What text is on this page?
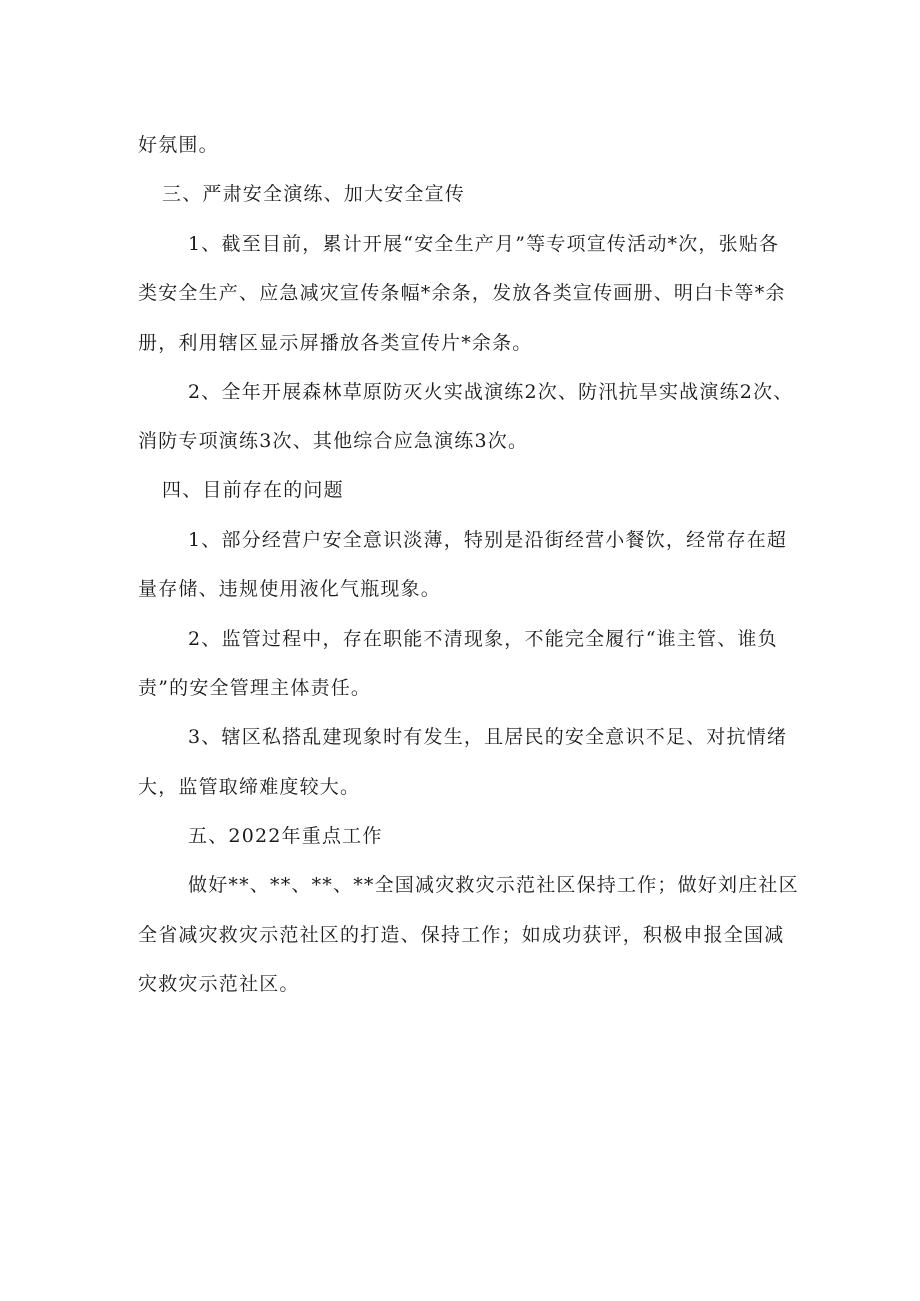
好氛围。
三、严肃安全演练、加大安全宣传
1、截至目前，累计开展“安全生产月”等专项宣传活动*次，张贴各
类安全生产、应急减灾宣传条幅*余条，发放各类宣传画册、明白卡等*余
册，利用辖区显示屏播放各类宣传片*余条。
2、全年开展森林草原防灭火实战演练2次、防汛抗旱实战演练2次、
消防专项演练3次、其他综合应急演练3次。
四、目前存在的问题
1、部分经营户安全意识淡薄，特别是沿街经营小餐饮，经常存在超
量存储、违规使用液化气瓶现象。
2、监管过程中，存在职能不清现象，不能完全履行“谁主管、谁负
责”的安全管理主体责任。
3、辖区私搭乱建现象时有发生，且居民的安全意识不足、对抗情绪
大，监管取缔难度较大。
五、2022年重点工作
做好**、**、**、**全国减灾救灾示范社区保持工作；做好刘庄社区
全省减灾救灾示范社区的打造、保持工作；如成功获评，积极申报全国减
灾救灾示范社区。
